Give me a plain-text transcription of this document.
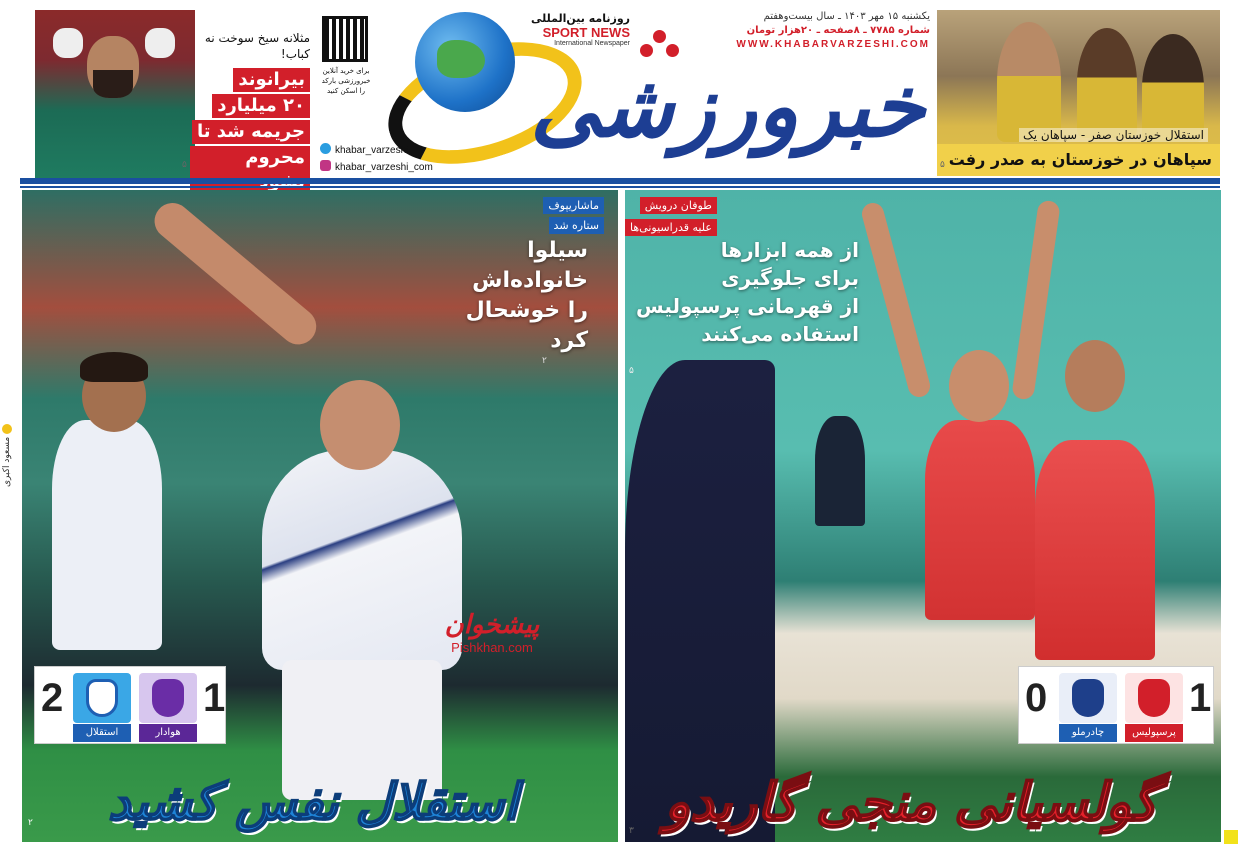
استقلال خوزستان صفر - سپاهان یک
سپاهان در خوزستان به صدر رفت
۵
یکشنبه ۱۵ مهر ۱۴۰۳ ـ سال بیست‌وهفتم
شماره ۷۷۸۵ ـ ۸صفحه ـ ۲۰هزار تومان
WWW.KHABARVARZESHI.COM
خبرورزشی
روزنامه بین‌المللی
SPORT NEWS
International Newspaper
برای خرید آنلاین خبرورزشی بارکد را اسکن کنید
khabar_varzeshi
khabar_varzeshi_com
مثلانه سیخ سوخت نه کباب!
بیرانوند
۲۰ میلیارد
جریمه شد تا
محروم
۵
ماشاریپوف
ستاره شد
سیلوا
خانواده‌اش
را خوشحال
کرد
۲
پیشخوان
Pishkhan.com
2
استقلال	هوادار
1
استقلال نفس کشید
۲
طوفان درویش
علیه قدراسیونی‌ها
از همه ابزارها
برای جلوگیری
از قهرمانی پرسپولیس
استفاده می‌کنند
۵
0
چادرملو	پرسپولیس
1
گولسیانی منجی گاریدو
۳
مسعود اکبری
